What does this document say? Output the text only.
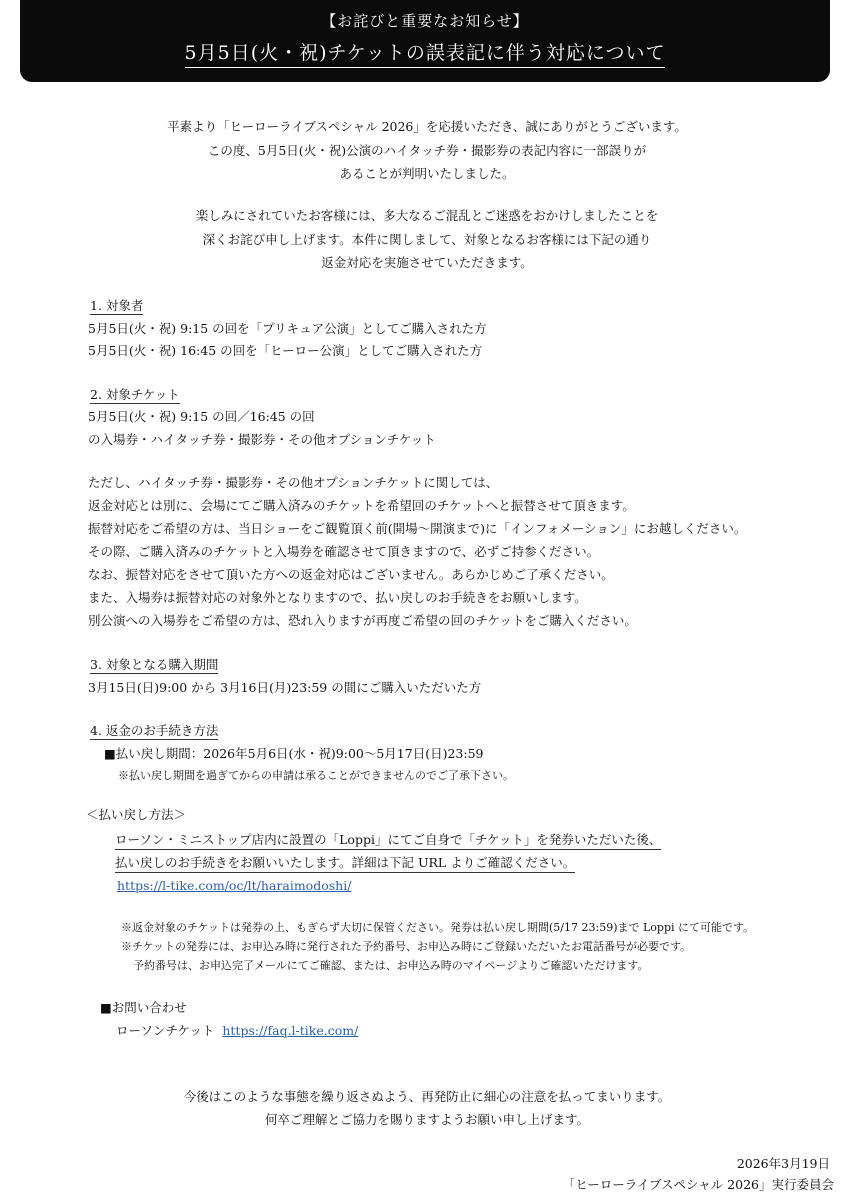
【お詫びと重要なお知らせ】
5月5日(火・祝)チケットの誤表記に伴う対応について
平素より「ヒーローライブスペシャル 2026」を応援いただき、誠にありがとうございます。
この度、5月5日(火・祝)公演のハイタッチ券・撮影券の表記内容に一部誤りが
あることが判明いたしました。
楽しみにされていたお客様には、多大なるご混乱とご迷惑をおかけしましたことを
深くお詫び申し上げます。本件に関しまして、対象となるお客様には下記の通り
返金対応を実施させていただきます。
1. 対象者
5月5日(火・祝) 9:15 の回を「プリキュア公演」としてご購入された方
5月5日(火・祝) 16:45 の回を「ヒーロー公演」としてご購入された方
2. 対象チケット
5月5日(火・祝) 9:15 の回／16:45 の回
の入場券・ハイタッチ券・撮影券・その他オプションチケット
ただし、ハイタッチ券・撮影券・その他オプションチケットに関しては、
返金対応とは別に、会場にてご購入済みのチケットを希望回のチケットへと振替させて頂きます。
振替対応をご希望の方は、当日ショーをご観覧頂く前(開場〜開演まで)に「インフォメーション」にお越しください。
その際、ご購入済みのチケットと入場券を確認させて頂きますので、必ずご持参ください。
なお、振替対応をさせて頂いた方への返金対応はございません。あらかじめご了承ください。
また、入場券は振替対応の対象外となりますので、払い戻しのお手続きをお願いします。
別公演への入場券をご希望の方は、恐れ入りますが再度ご希望の回のチケットをご購入ください。
3. 対象となる購入期間
3月15日(日)9:00 から 3月16日(月)23:59 の間にご購入いただいた方
4. 返金のお手続き方法
■払い戻し期間：2026年5月6日(水・祝)9:00〜5月17日(日)23:59
※払い戻し期間を過ぎてからの申請は承ることができませんのでご了承下さい。
＜払い戻し方法＞
ローソン・ミニストップ店内に設置の「Loppi」にてご自身で「チケット」を発券いただいた後、
払い戻しのお手続きをお願いいたします。詳細は下記 URL よりご確認ください。
https://l-tike.com/oc/lt/haraimodoshi/
※返金対象のチケットは発券の上、もぎらず大切に保管ください。発券は払い戻し期間(5/17 23:59)まで Loppi にて可能です。
※チケットの発券には、お申込み時に発行された予約番号、お申込み時にご登録いただいたお電話番号が必要です。
予約番号は、お申込完了メールにてご確認、または、お申込み時のマイページよりご確認いただけます。
■お問い合わせ
ローソンチケット https://faq.l-tike.com/
今後はこのような事態を繰り返さぬよう、再発防止に細心の注意を払ってまいります。
何卒ご理解とご協力を賜りますようお願い申し上げます。
2026年3月19日
「ヒーローライブスペシャル 2026」実行委員会
